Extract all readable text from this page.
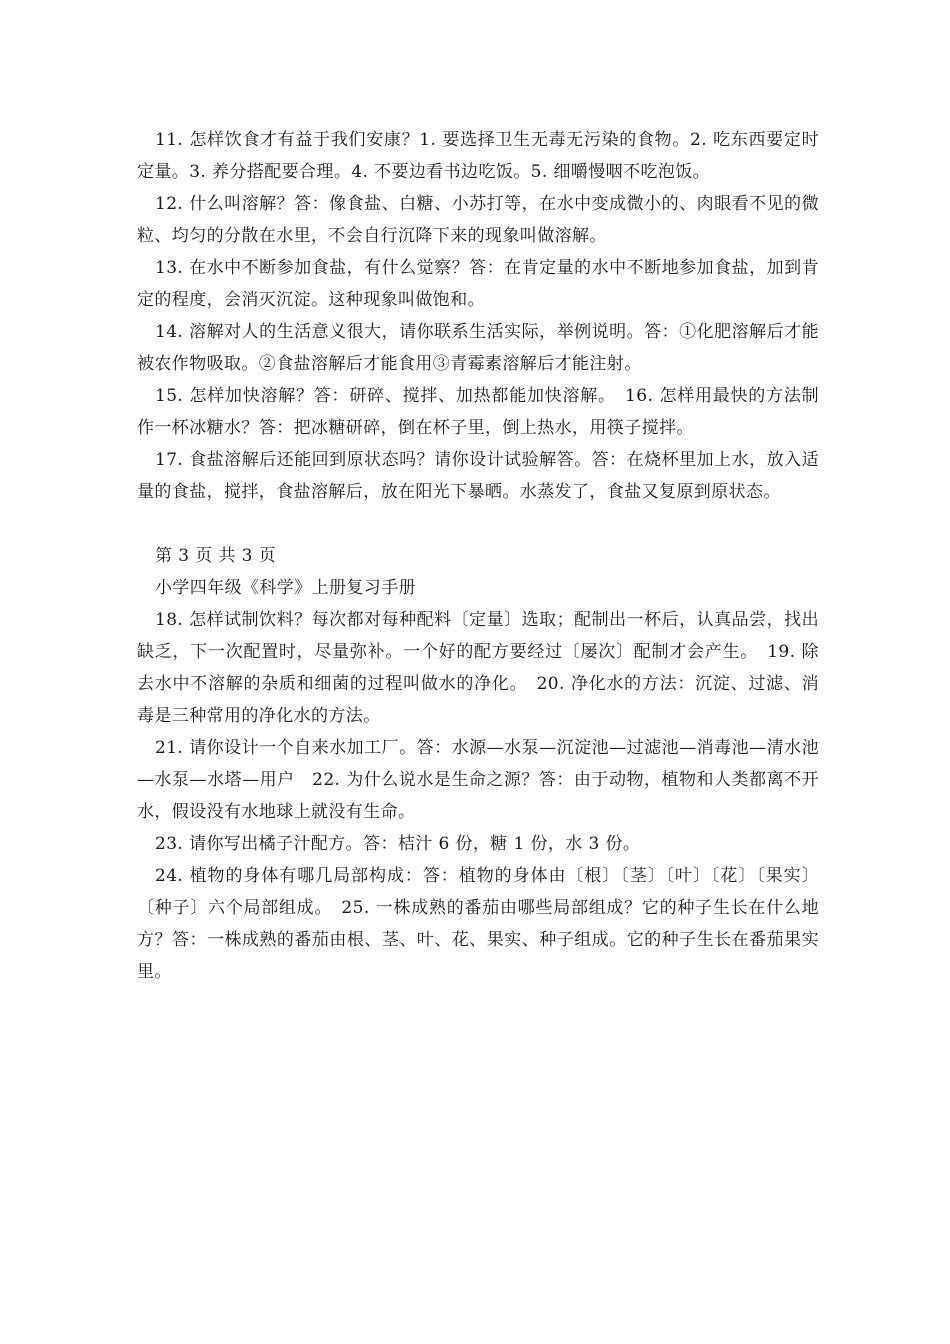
11. 怎样饮食才有益于我们安康？1. 要选择卫生无毒无污染的食物。2. 吃东西要定时定量。3. 养分搭配要合理。4. 不要边看书边吃饭。5. 细嚼慢咽不吃泡饭。

12. 什么叫溶解？答：像食盐、白糖、小苏打等，在水中变成微小的、肉眼看不见的微粒、均匀的分散在水里，不会自行沉降下来的现象叫做溶解。

13. 在水中不断参加食盐，有什么觉察？答：在肯定量的水中不断地参加食盐，加到肯定的程度，会消灭沉淀。这种现象叫做饱和。

14. 溶解对人的生活意义很大，请你联系生活实际，举例说明。答：①化肥溶解后才能被农作物吸取。②食盐溶解后才能食用③青霉素溶解后才能注射。

15. 怎样加快溶解？答：研碎、搅拌、加热都能加快溶解。　16. 怎样用最快的方法制作一杯冰糖水？答：把冰糖研碎，倒在杯子里，倒上热水，用筷子搅拌。

17. 食盐溶解后还能回到原状态吗？请你设计试验解答。答：在烧杯里加上水，放入适量的食盐，搅拌，食盐溶解后，放在阳光下暴晒。水蒸发了，食盐又复原到原状态。

第 3 页 共 3 页

小学四年级《科学》上册复习手册

18. 怎样试制饮料？每次都对每种配料〔定量〕选取；配制出一杯后，认真品尝，找出缺乏，下一次配置时，尽量弥补。一个好的配方要经过〔屡次〕配制才会产生。　19. 除去水中不溶解的杂质和细菌的过程叫做水的净化。　20. 净化水的方法：沉淀、过滤、消毒是三种常用的净化水的方法。

21. 请你设计一个自来水加工厂。答：水源—水泵—沉淀池—过滤池—消毒池—清水池—水泵—水塔—用户　22. 为什么说水是生命之源？答：由于动物，植物和人类都离不开水，假设没有水地球上就没有生命。

23. 请你写出橘子汁配方。答：桔汁 6 份，糖 1 份，水 3 份。

24. 植物的身体有哪几局部构成：答：植物的身体由〔根〕〔茎〕〔叶〕〔花〕〔果实〕〔种子〕六个局部组成。　25. 一株成熟的番茄由哪些局部组成？它的种子生长在什么地方？答：一株成熟的番茄由根、茎、叶、花、果实、种子组成。它的种子生长在番茄果实里。
